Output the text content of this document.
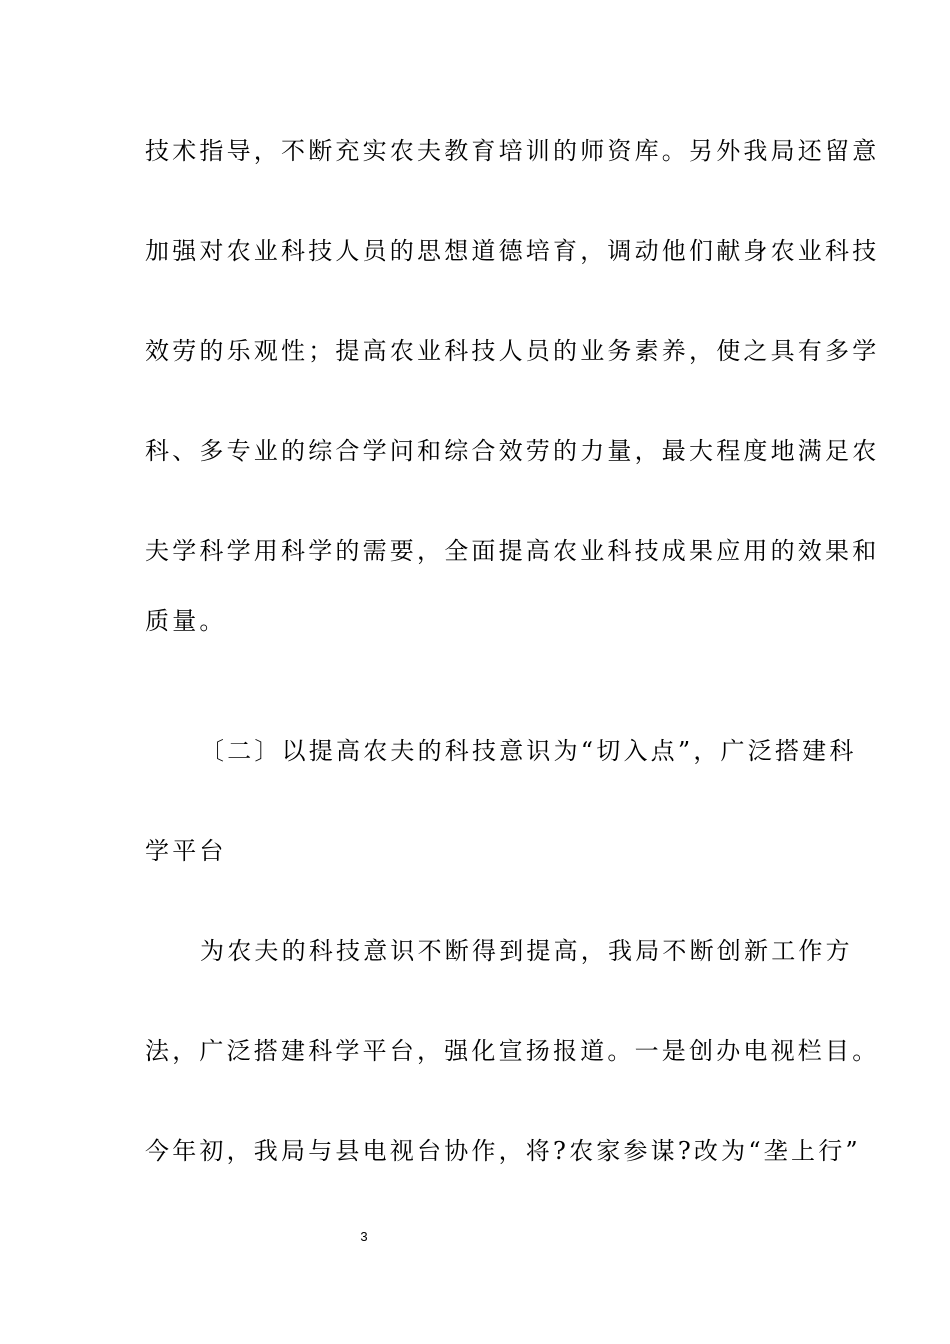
技术指导，不断充实农夫教育培训的师资库。另外我局还留意
加强对农业科技人员的思想道德培育，调动他们献身农业科技
效劳的乐观性；提高农业科技人员的业务素养，使之具有多学
科、多专业的综合学问和综合效劳的力量，最大程度地满足农
夫学科学用科学的需要，全面提高农业科技成果应用的效果和
质量。
〔二〕以提高农夫的科技意识为“切入点”，广泛搭建科
学平台
为农夫的科技意识不断得到提高，我局不断创新工作方
法，广泛搭建科学平台，强化宣扬报道。一是创办电视栏目。
今年初，我局与县电视台协作，将?农家参谋?改为“垄上行”
3
